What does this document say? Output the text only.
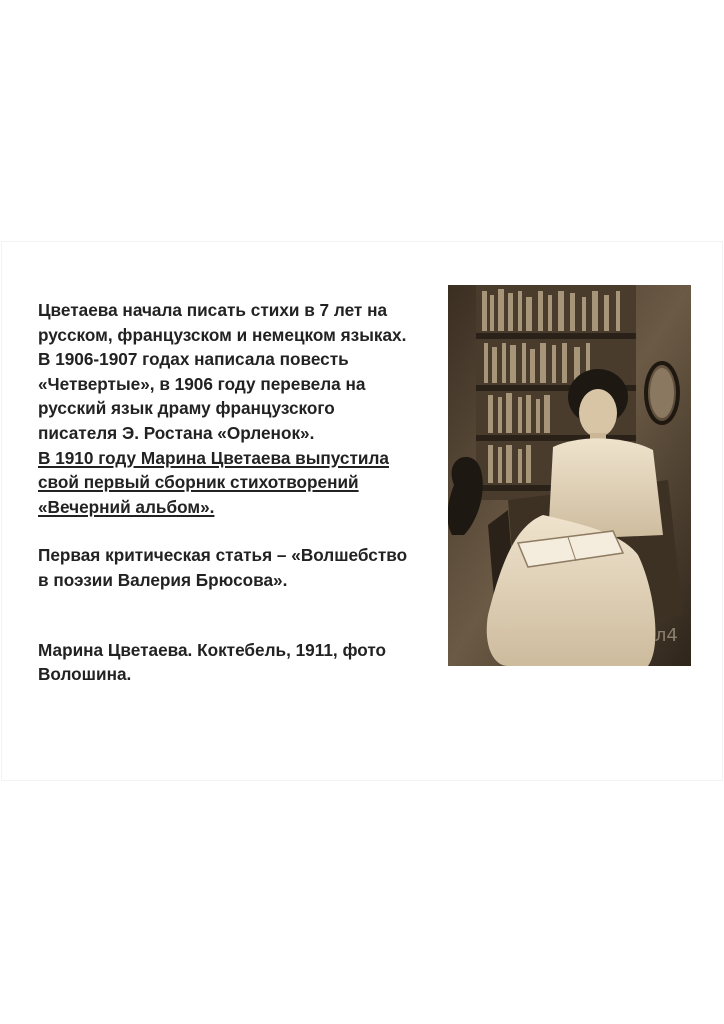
Цветаева начала писать стихи в 7 лет на

русском, французском и немецком языках.

В 1906-1907 годах написала повесть

«Четвертые», в 1906 году перевела на

русский язык драму французского

писателя Э. Ростана «Орленок».

В 1910 году Марина Цветаева выпустила

свой первый сборник стихотворений

«Вечерний альбом».

Первая критическая статья – «Волшебство

в поэзии Валерия Брюсова».

Марина Цветаева. Коктебель, 1911, фото

Волошина.

сл4
